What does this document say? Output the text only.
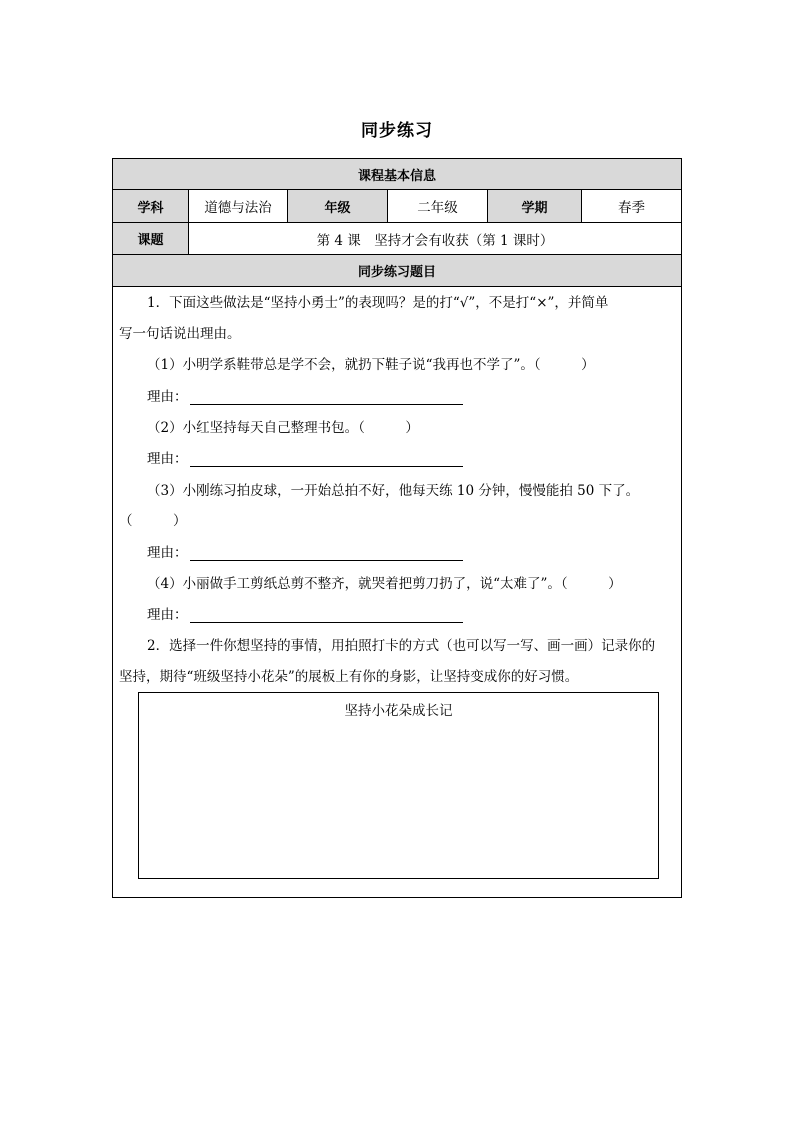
同步练习
课程基本信息
学科	道德与法治	年级	二年级	学期	春季
课题	第 4 课　坚持才会有收获（第 1 课时）
同步练习题目
1．下面这些做法是“坚持小勇士”的表现吗？是的打“√”，不是打“×”，并简单
写一句话说出理由。
（1）小明学系鞋带总是学不会，就扔下鞋子说“我再也不学了”。（　　　）
理由：
（2）小红坚持每天自己整理书包。（　　　）
理由：
（3）小刚练习拍皮球，一开始总拍不好，他每天练 10 分钟，慢慢能拍 50 下了。
（　　　）
理由：
（4）小丽做手工剪纸总剪不整齐，就哭着把剪刀扔了，说“太难了”。（　　　）
理由：
2．选择一件你想坚持的事情，用拍照打卡的方式（也可以写一写、画一画）记录你的
坚持，期待“班级坚持小花朵”的展板上有你的身影，让坚持变成你的好习惯。
坚持小花朵成长记
